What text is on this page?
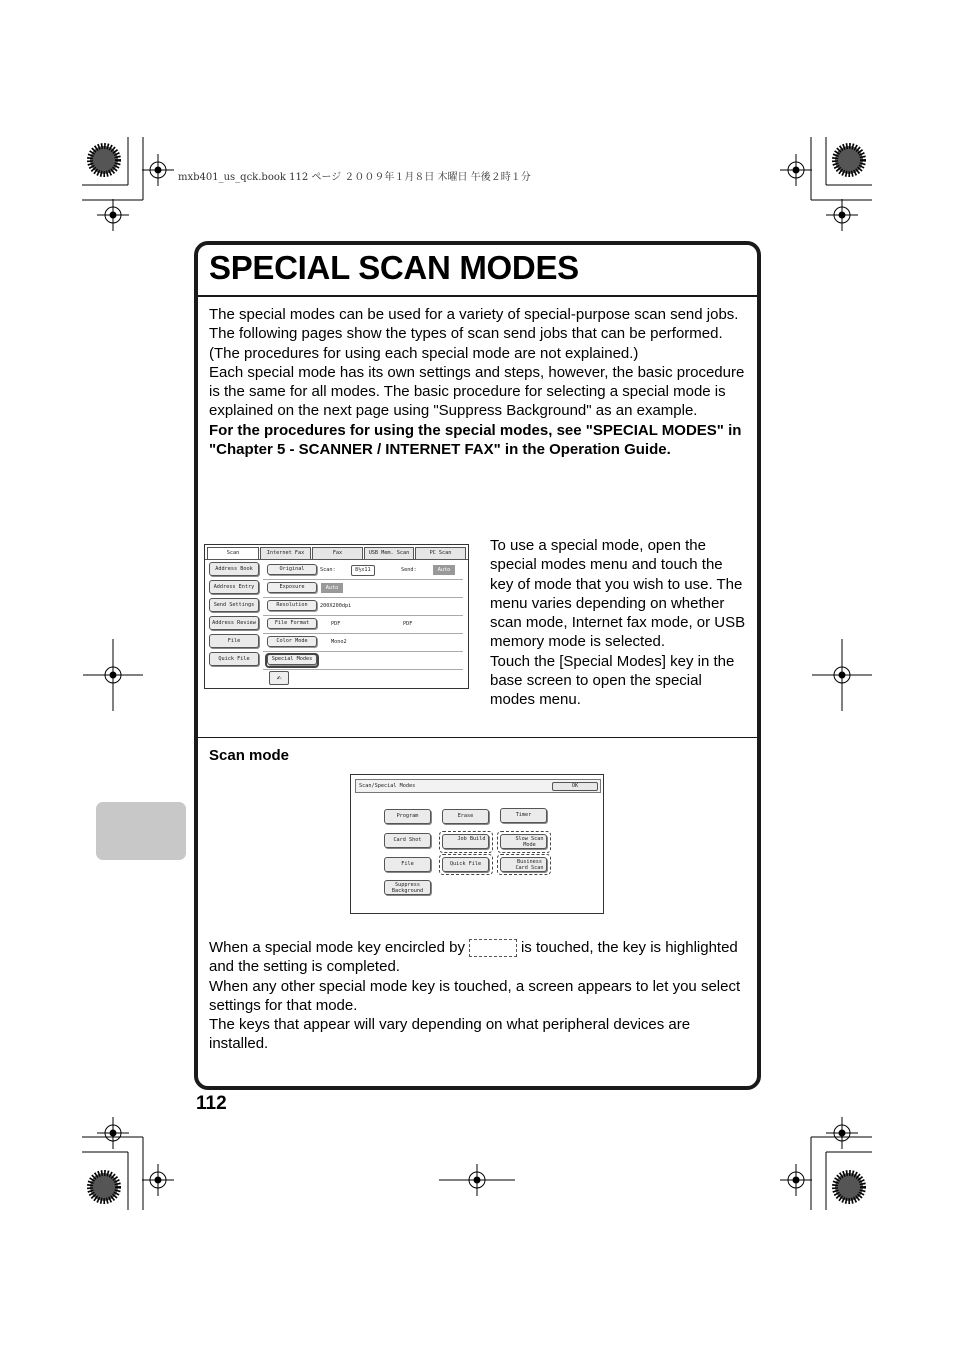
mxb401_us_qck.book 112 ページ ２００９年１月８日 木曜日 午後２時１分
SPECIAL SCAN MODES

The special modes can be used for a variety of special-purpose scan send jobs.

The following pages show the types of scan send jobs that can be performed. (The procedures for using each special mode are not explained.)

Each special mode has its own settings and steps, however, the basic procedure is the same for all modes. The basic procedure for selecting a special mode is explained on the next page using "Suppress Background" as an example.

For the procedures for using the special modes, see "SPECIAL MODES" in "Chapter 5 - SCANNER / INTERNET FAX" in the Operation Guide.

Scan	Internet Fax	Fax	USB Mem. Scan	PC Scan
Address Book
Address Entry
Send Settings
Address Review
File
Quick File
Original
Exposure
Resolution
File Format
Color Mode
Special Modes
Scan:	8½x11	Send:	Auto
Auto
200X200dpi
PDF	PDF
Mono2
✍

To use a special mode, open the special modes menu and touch the key of mode that you wish to use. The menu varies depending on whether scan mode, Internet fax mode, or USB memory mode is selected.

Touch the [Special Modes] key in the base screen to open the special modes menu.

Scan mode
Scan/Special Modes	OK
Program	Erase	Timer
Card Shot	Job Build	Slow Scan Mode
File	Quick File	Business Card Scan
Suppress Background

When a special mode key encircled by	is touched, the key is highlighted and the setting is completed.

When any other special mode key is touched, a screen appears to let you select settings for that mode.

The keys that appear will vary depending on what peripheral devices are installed.

112
